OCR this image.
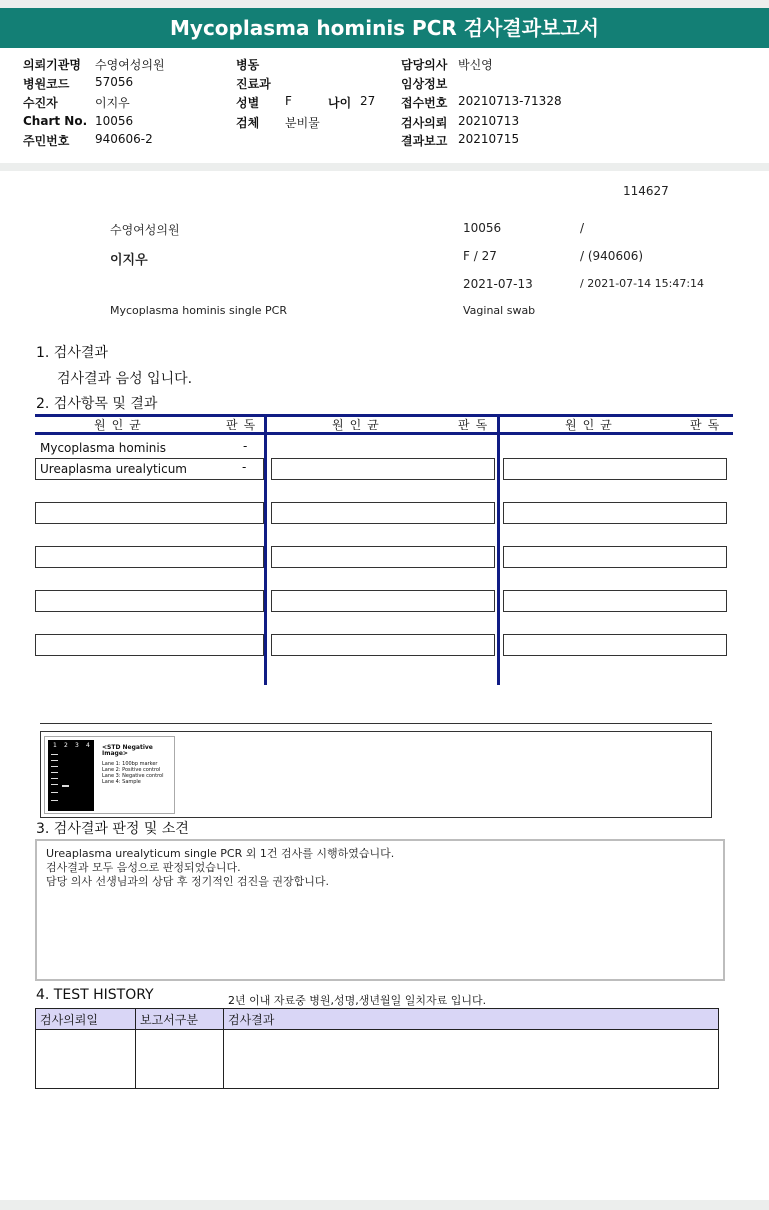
Mycoplasma hominis PCR 검사결과보고서
의뢰기관명 수영여성의원
병원코드 57056
수진자	이지우
Chart No. 10056
주민번호 940606-2
병동
진료과
성별 F	나이 27
검체 분비물
담당의사 박신영
임상정보
접수번호 20210713-71328
검사의뢰 20210713
결과보고 20210715
114627
수영여성의원	10056	/
이지우	F / 27	/ (940606)
2021-07-13	/ 2021-07-14 15:47:14
Mycoplasma hominis single PCR	Vaginal swab
1. 검사결과
검사결과 음성 입니다.
2. 검사항목 및 결과
원인균	판독	원인균	판독	원인균	판독
Mycoplasma hominis	-
Ureaplasma urealyticum	-
1 2 3 4 <STD Negative Image>
Lane 1: 100bp marker
Lane 2: Positive control
Lane 3: Negative control
Lane 4: Sample
3. 검사결과 판정 및 소견
Ureaplasma urealyticum single PCR 외 1건 검사를 시행하였습니다.
검사결과 모두 음성으로 판정되었습니다.
담당 의사 선생님과의 상담 후 정기적인 검진을 권장합니다.
4. TEST HISTORY	2년 이내 자료중 병원,성명,생년월일 일치자료 입니다.
검사의뢰일	보고서구분	검사결과
